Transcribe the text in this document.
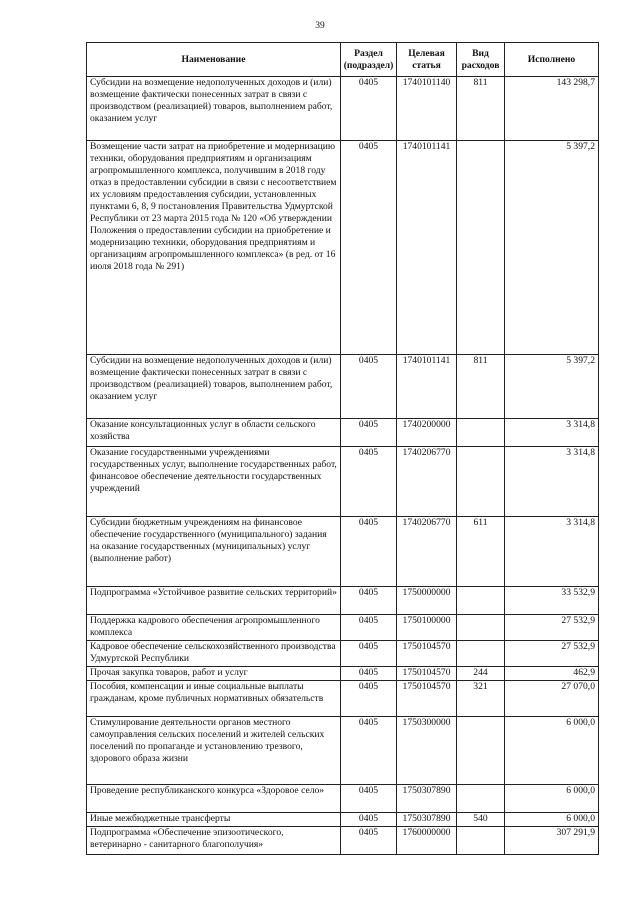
39
Наименование	Раздел (подраздел)	Целевая статья	Вид расходов	Исполнено
Субсидии на возмещение недополученных доходов и (или) возмещение фактически понесенных затрат в связи с производством (реализацией) товаров, выполнением работ, оказанием услуг	0405	1740101140	811	143 298,7
Возмещение части затрат на приобретение и модернизацию техники, оборудования предприятиям и организациям агропромышленного комплекса, получившим в 2018 году отказ в предоставлении субсидии в связи с несоответствием их условиям предоставления субсидии, установленных пунктами 6, 8, 9 постановления Правительства Удмуртской Республики от 23 марта 2015 года № 120 «Об утверждении Положения о предоставлении субсидии на приобретение и модернизацию техники, оборудования предприятиям и организациям агропромышленного комплекса» (в ред. от 16 июля 2018 года № 291)	0405	1740101141		5 397,2
Субсидии на возмещение недополученных доходов и (или) возмещение фактически понесенных затрат в связи с производством (реализацией) товаров, выполнением работ, оказанием услуг	0405	1740101141	811	5 397,2
Оказание консультационных услуг в области сельского хозяйства	0405	1740200000		3 314,8
Оказание государственными учреждениями государственных услуг, выполнение государственных работ, финансовое обеспечение деятельности государственных учреждений	0405	1740206770		3 314,8
Субсидии бюджетным учреждениям на финансовое обеспечение государственного (муниципального) задания на оказание государственных (муниципальных) услуг (выполнение работ)	0405	1740206770	611	3 314,8
Подпрограмма «Устойчивое развитие сельских территорий»	0405	1750000000		33 532,9
Поддержка кадрового обеспечения агропромышленного комплекса	0405	1750100000		27 532,9
Кадровое обеспечение сельскохозяйственного производства Удмуртской Республики	0405	1750104570		27 532,9
Прочая закупка товаров, работ и услуг	0405	1750104570	244	462,9
Пособия, компенсации и иные социальные выплаты гражданам, кроме публичных нормативных обязательств	0405	1750104570	321	27 070,0
Стимулирование деятельности органов местного самоуправления сельских поселений и жителей сельских поселений по пропаганде и установлению трезвого, здорового образа жизни	0405	1750300000		6 000,0
Проведение республиканского конкурса «Здоровое село»	0405	1750307890		6 000,0
Иные межбюджетные трансферты	0405	1750307890	540	6 000,0
Подпрограмма «Обеспечение эпизоотического, ветеринарно - санитарного благополучия»	0405	1760000000		307 291,9
